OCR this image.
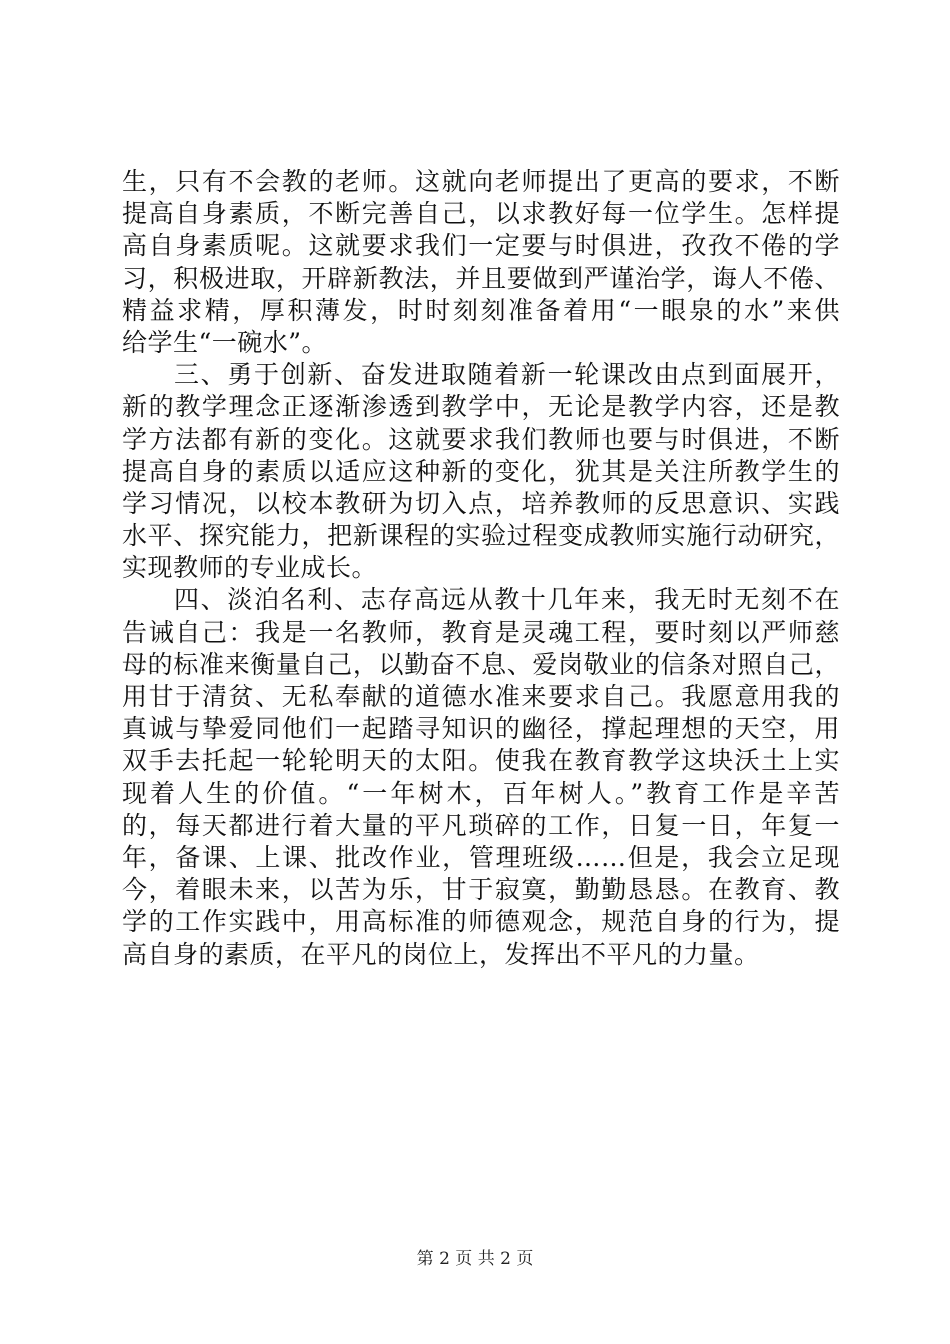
生，只有不会教的老师。这就向老师提出了更高的要求，不断
提高自身素质，不断完善自己，以求教好每一位学生。怎样提
高自身素质呢。这就要求我们一定要与时俱进，孜孜不倦的学
习，积极进取，开辟新教法，并且要做到严谨治学，诲人不倦、
精益求精，厚积薄发，时时刻刻准备着用“一眼泉的水”来供
给学生“一碗水”。
三、勇于创新、奋发进取随着新一轮课改由点到面展开，
新的教学理念正逐渐渗透到教学中，无论是教学内容，还是教
学方法都有新的变化。这就要求我们教师也要与时俱进，不断
提高自身的素质以适应这种新的变化，犹其是关注所教学生的
学习情况，以校本教研为切入点，培养教师的反思意识、实践
水平、探究能力，把新课程的实验过程变成教师实施行动研究，
实现教师的专业成长。
四、淡泊名利、志存高远从教十几年来，我无时无刻不在
告诫自己：我是一名教师，教育是灵魂工程，要时刻以严师慈
母的标准来衡量自己，以勤奋不息、爱岗敬业的信条对照自己，
用甘于清贫、无私奉献的道德水准来要求自己。我愿意用我的
真诚与挚爱同他们一起踏寻知识的幽径，撑起理想的天空，用
双手去托起一轮轮明天的太阳。使我在教育教学这块沃土上实
现着人生的价值。“一年树木，百年树人。”教育工作是辛苦
的，每天都进行着大量的平凡琐碎的工作，日复一日，年复一
年，备课、上课、批改作业，管理班级……但是，我会立足现
今，着眼未来，以苦为乐，甘于寂寞，勤勤恳恳。在教育、教
学的工作实践中，用高标准的师德观念，规范自身的行为，提
高自身的素质，在平凡的岗位上，发挥出不平凡的力量。
第 2 页 共 2 页
